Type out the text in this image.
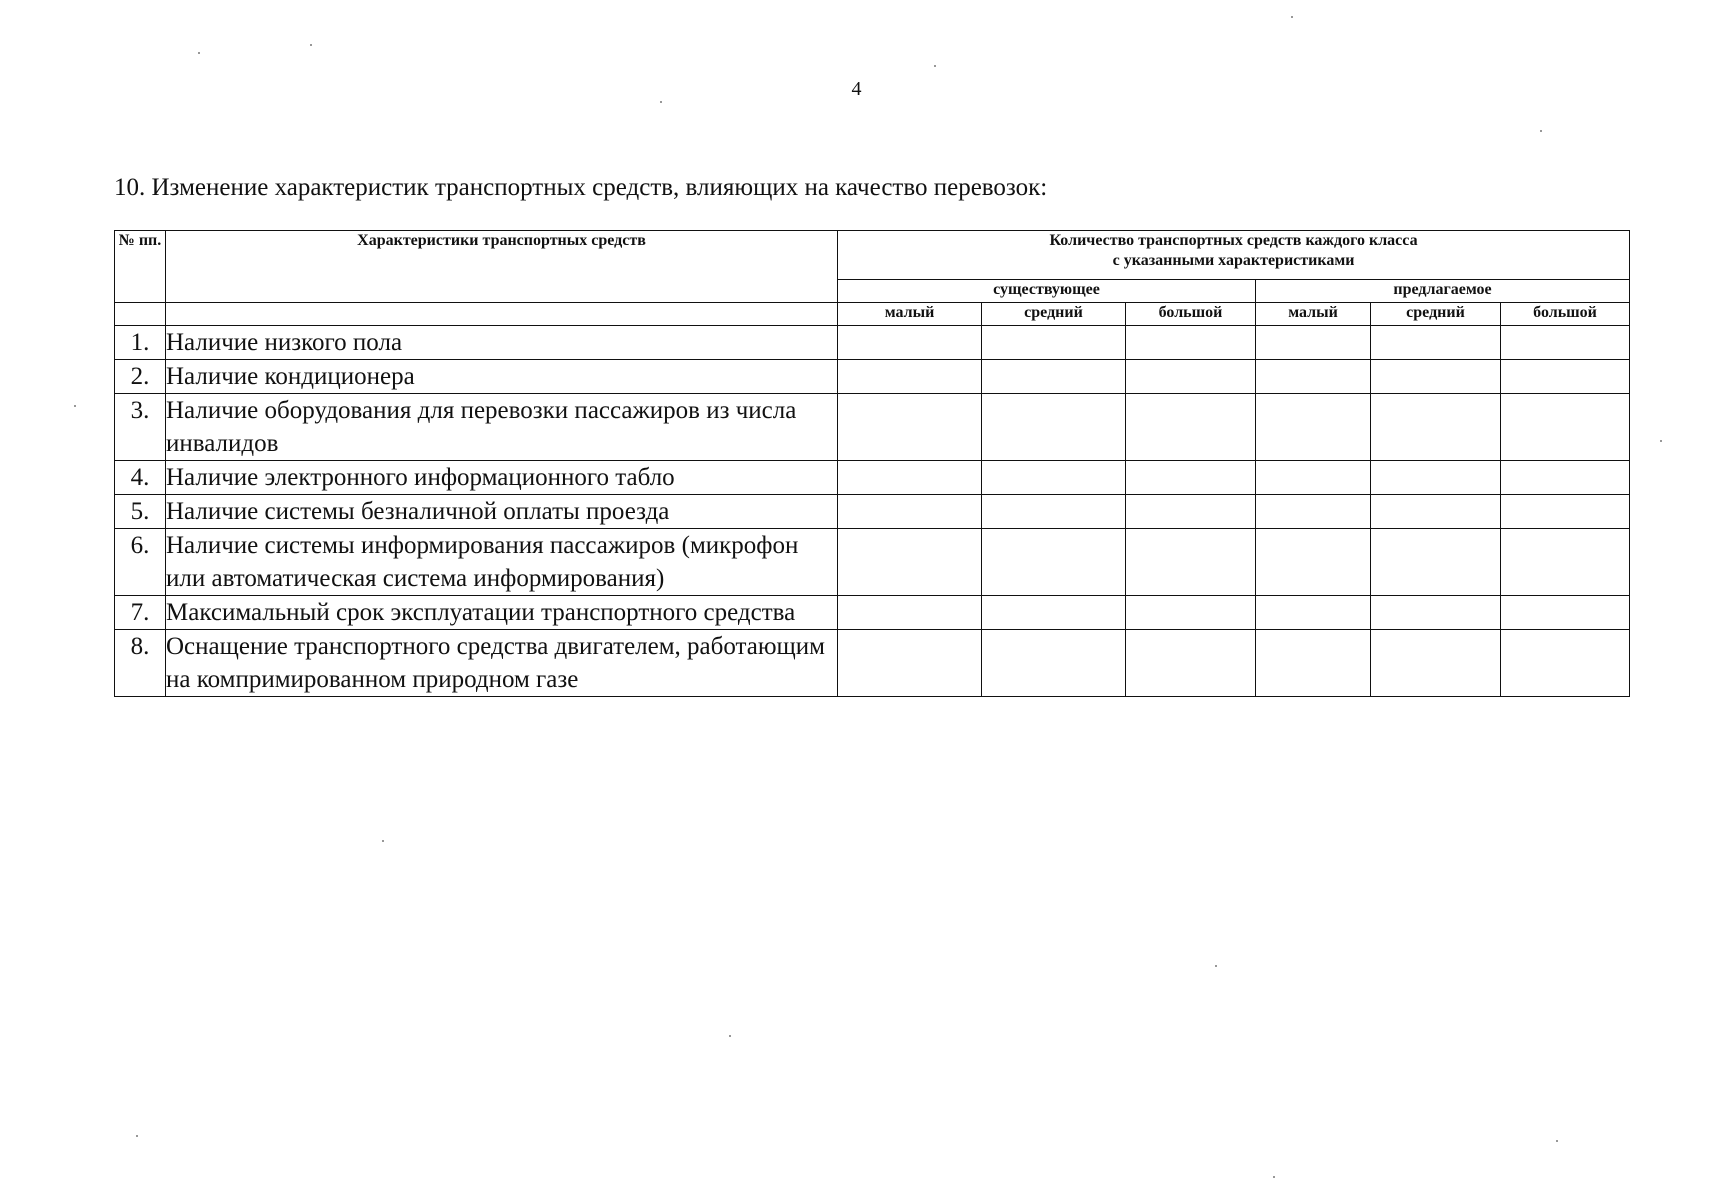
4
10. Изменение характеристик транспортных средств, влияющих на качество перевозок:
№ пп.	Характеристики транспортных средств	Количество транспортных средств каждого класса
с указанными характеристиками					

		существующее			предлагаемое		
		малый	средний	большой	малый	средний	большой
1.	Наличие низкого пола						
2.	Наличие кондиционера						
3.	Наличие оборудования для перевозки пассажиров из числа инвалидов						
4.	Наличие электронного информационного табло						
5.	Наличие системы безналичной оплаты проезда						
6.	Наличие системы информирования пассажиров (микрофон или автоматическая система информирования)						
7.	Максимальный срок эксплуатации транспортного средства						
8.	Оснащение транспортного средства двигателем, работающим на компримированном природном газе						
